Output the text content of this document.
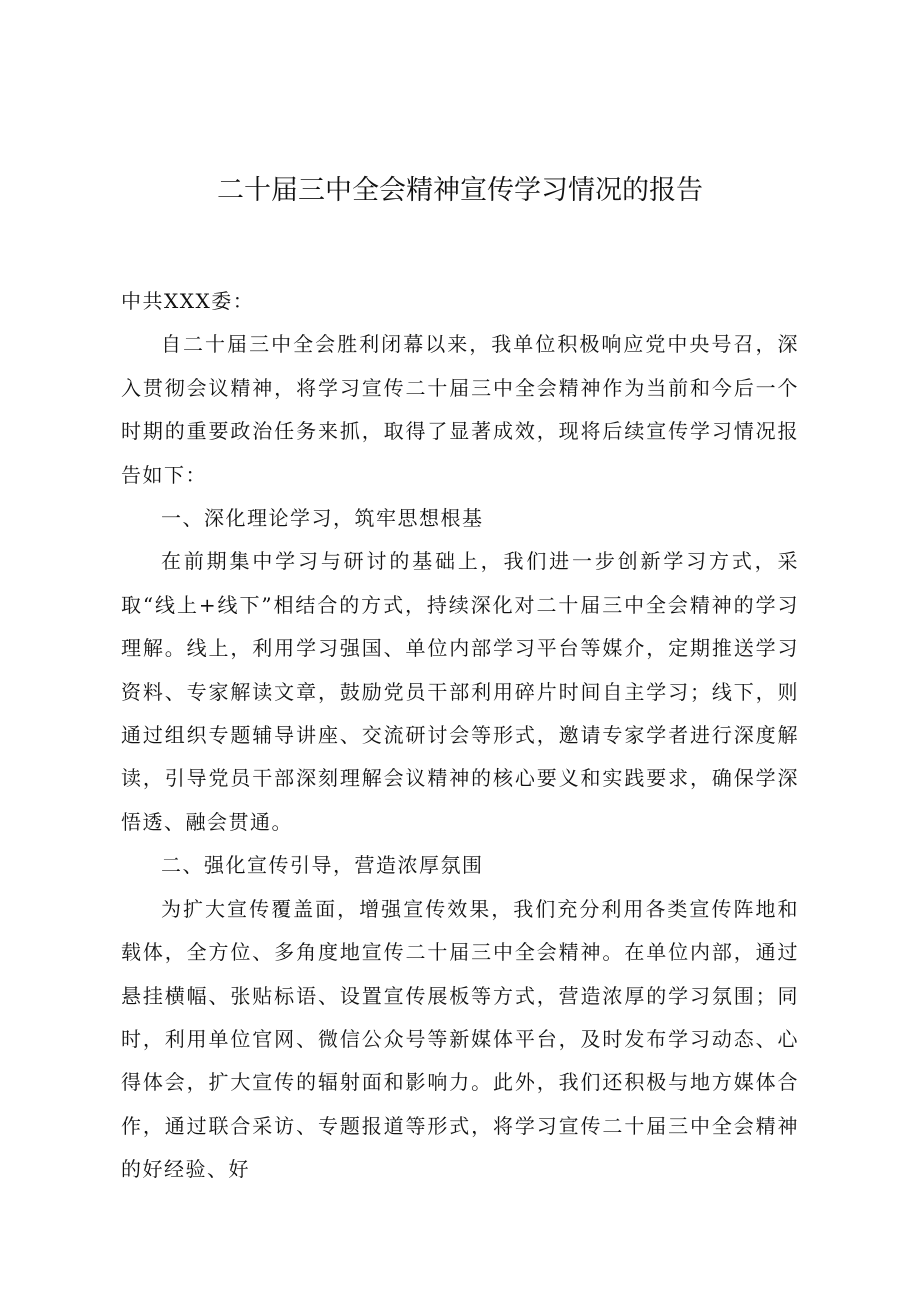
二十届三中全会精神宣传学习情况的报告

中共XXX委：

自二十届三中全会胜利闭幕以来，我单位积极响应党中央号召，深入贯彻会议精神，将学习宣传二十届三中全会精神作为当前和今后一个时期的重要政治任务来抓，取得了显著成效，现将后续宣传学习情况报告如下：

一、深化理论学习，筑牢思想根基

在前期集中学习与研讨的基础上，我们进一步创新学习方式，采取“线上+线下”相结合的方式，持续深化对二十届三中全会精神的学习理解。线上，利用学习强国、单位内部学习平台等媒介，定期推送学习资料、专家解读文章，鼓励党员干部利用碎片时间自主学习；线下，则通过组织专题辅导讲座、交流研讨会等形式，邀请专家学者进行深度解读，引导党员干部深刻理解会议精神的核心要义和实践要求，确保学深悟透、融会贯通。

二、强化宣传引导，营造浓厚氛围

为扩大宣传覆盖面，增强宣传效果，我们充分利用各类宣传阵地和载体，全方位、多角度地宣传二十届三中全会精神。在单位内部，通过悬挂横幅、张贴标语、设置宣传展板等方式，营造浓厚的学习氛围；同时，利用单位官网、微信公众号等新媒体平台，及时发布学习动态、心得体会，扩大宣传的辐射面和影响力。此外，我们还积极与地方媒体合作，通过联合采访、专题报道等形式，将学习宣传二十届三中全会精神的好经验、好
